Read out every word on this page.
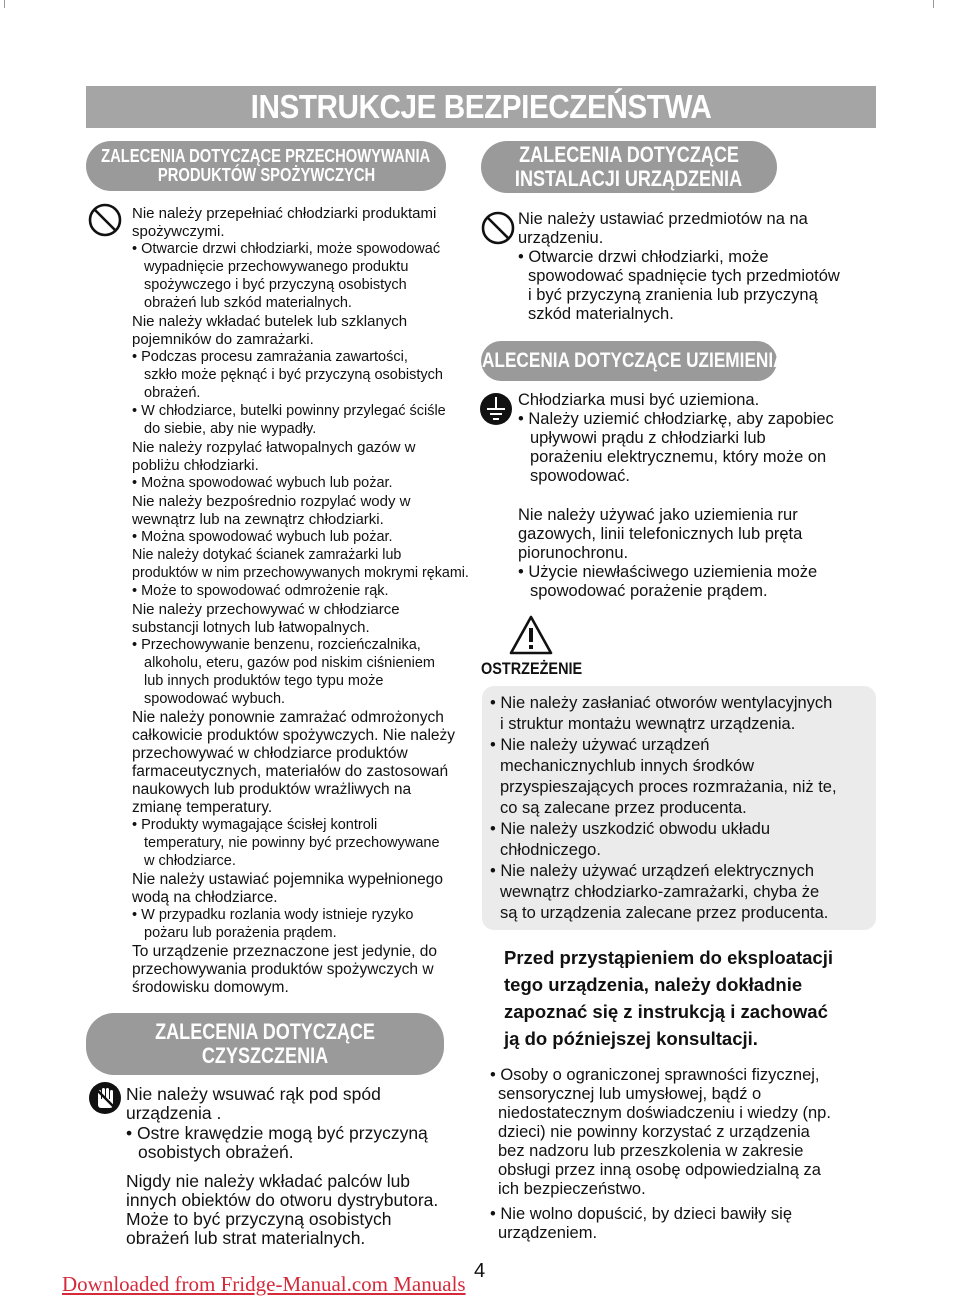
INSTRUKCJE BEZPIECZEŃSTWA
ZALECENIA DOTYCZĄCE PRZECHOWYWANIA
PRODUKTÓW SPOŻYWCZYCH
ZALECENIA DOTYCZĄCE
INSTALACJI URZĄDZENIA
ZALECENIA DOTYCZĄCE UZIEMIENIA
ZALECENIA DOTYCZĄCE
CZYSZCZENIA
OSTRZEŻENIE
Nie należy przepełniać chłodziarki produktami
spożywczymi.
• Otwarcie drzwi chłodziarki, może spowodować
wypadnięcie przechowywanego produktu
spożywczego i być przyczyną osobistych
obrażeń lub szkód materialnych.
Nie należy wkładać butelek lub szklanych
pojemników do zamrażarki.
• Podczas procesu zamrażania zawartości,
szkło może pęknąć i być przyczyną osobistych
obrażeń.
• W chłodziarce, butelki powinny przylegać ściśle
do siebie, aby nie wypadły.
Nie należy rozpylać łatwopalnych gazów w
pobliżu chłodziarki.
• Można spowodować wybuch lub pożar.
Nie należy bezpośrednio rozpylać wody w
wewnątrz lub na zewnątrz chłodziarki.
• Można spowodować wybuch lub pożar.
Nie należy dotykać ścianek zamrażarki lub
produktów w nim przechowywanych mokrymi rękami.
• Może to spowodować odmrożenie rąk.
Nie należy przechowywać w chłodziarce
substancji lotnych lub łatwopalnych.
• Przechowywanie benzenu, rozcieńczalnika,
alkoholu, eteru, gazów pod niskim ciśnieniem
lub innych produktów tego typu może
spowodować wybuch.
Nie należy ponownie zamrażać odmrożonych
całkowicie produktów spożywczych. Nie należy
przechowywać w chłodziarce produktów
farmaceutycznych, materiałów do zastosowań
naukowych lub produktów wrażliwych na
zmianę temperatury.
• Produkty wymagające ścisłej kontroli
temperatury, nie powinny być przechowywane
w chłodziarce.
Nie należy ustawiać pojemnika wypełnionego
wodą na chłodziarce.
• W przypadku rozlania wody istnieje ryzyko
pożaru lub porażenia prądem.
To urządzenie przeznaczone jest jedynie, do
przechowywania produktów spożywczych w
środowisku domowym.
Nie należy wsuwać rąk pod spód
urządzenia .
• Ostre krawędzie mogą być przyczyną
osobistych obrażeń.
Nigdy nie należy wkładać palców lub
innych obiektów do otworu dystrybutora.
Może to być przyczyną osobistych
obrażeń lub strat materialnych.
Nie należy ustawiać przedmiotów na na
urządzeniu.
• Otwarcie drzwi chłodziarki, może
spowodować spadnięcie tych przedmiotów
i być przyczyną zranienia lub przyczyną
szkód materialnych.
Chłodziarka musi być uziemiona.
• Należy uziemić chłodziarkę, aby zapobiec
upływowi prądu z chłodziarki lub
porażeniu elektrycznemu, który może on
spowodować.
Nie należy używać jako uziemienia rur
gazowych, linii telefonicznych lub pręta
piorunochronu.
• Użycie niewłaściwego uziemienia może
spowodować porażenie prądem.
• Nie należy zasłaniać otworów wentylacyjnych
i struktur montażu wewnątrz urządzenia.
• Nie należy używać urządzeń
mechanicznychlub innych środków
przyspieszających proces rozmrażania, niż te,
co są zalecane przez producenta.
• Nie należy uszkodzić obwodu układu
chłodniczego.
• Nie należy używać urządzeń elektrycznych
wewnątrz chłodziarko-zamrażarki, chyba że
są to urządzenia zalecane przez producenta.
Przed przystąpieniem do eksploatacji
tego urządzenia, należy dokładnie
zapoznać się z instrukcją i zachować
ją do późniejszej konsultacji.
• Osoby o ograniczonej sprawności fizycznej,
sensorycznej lub umysłowej, bądź o
niedostatecznym doświadczeniu i wiedzy (np.
dzieci) nie powinny korzystać z urządzenia
bez nadzoru lub przeszkolenia w zakresie
obsługi przez inną osobę odpowiedzialną za
ich bezpieczeństwo.
• Nie wolno dopuścić, by dzieci bawiły się
urządzeniem.
Downloaded from Fridge-Manual.com Manuals
4
